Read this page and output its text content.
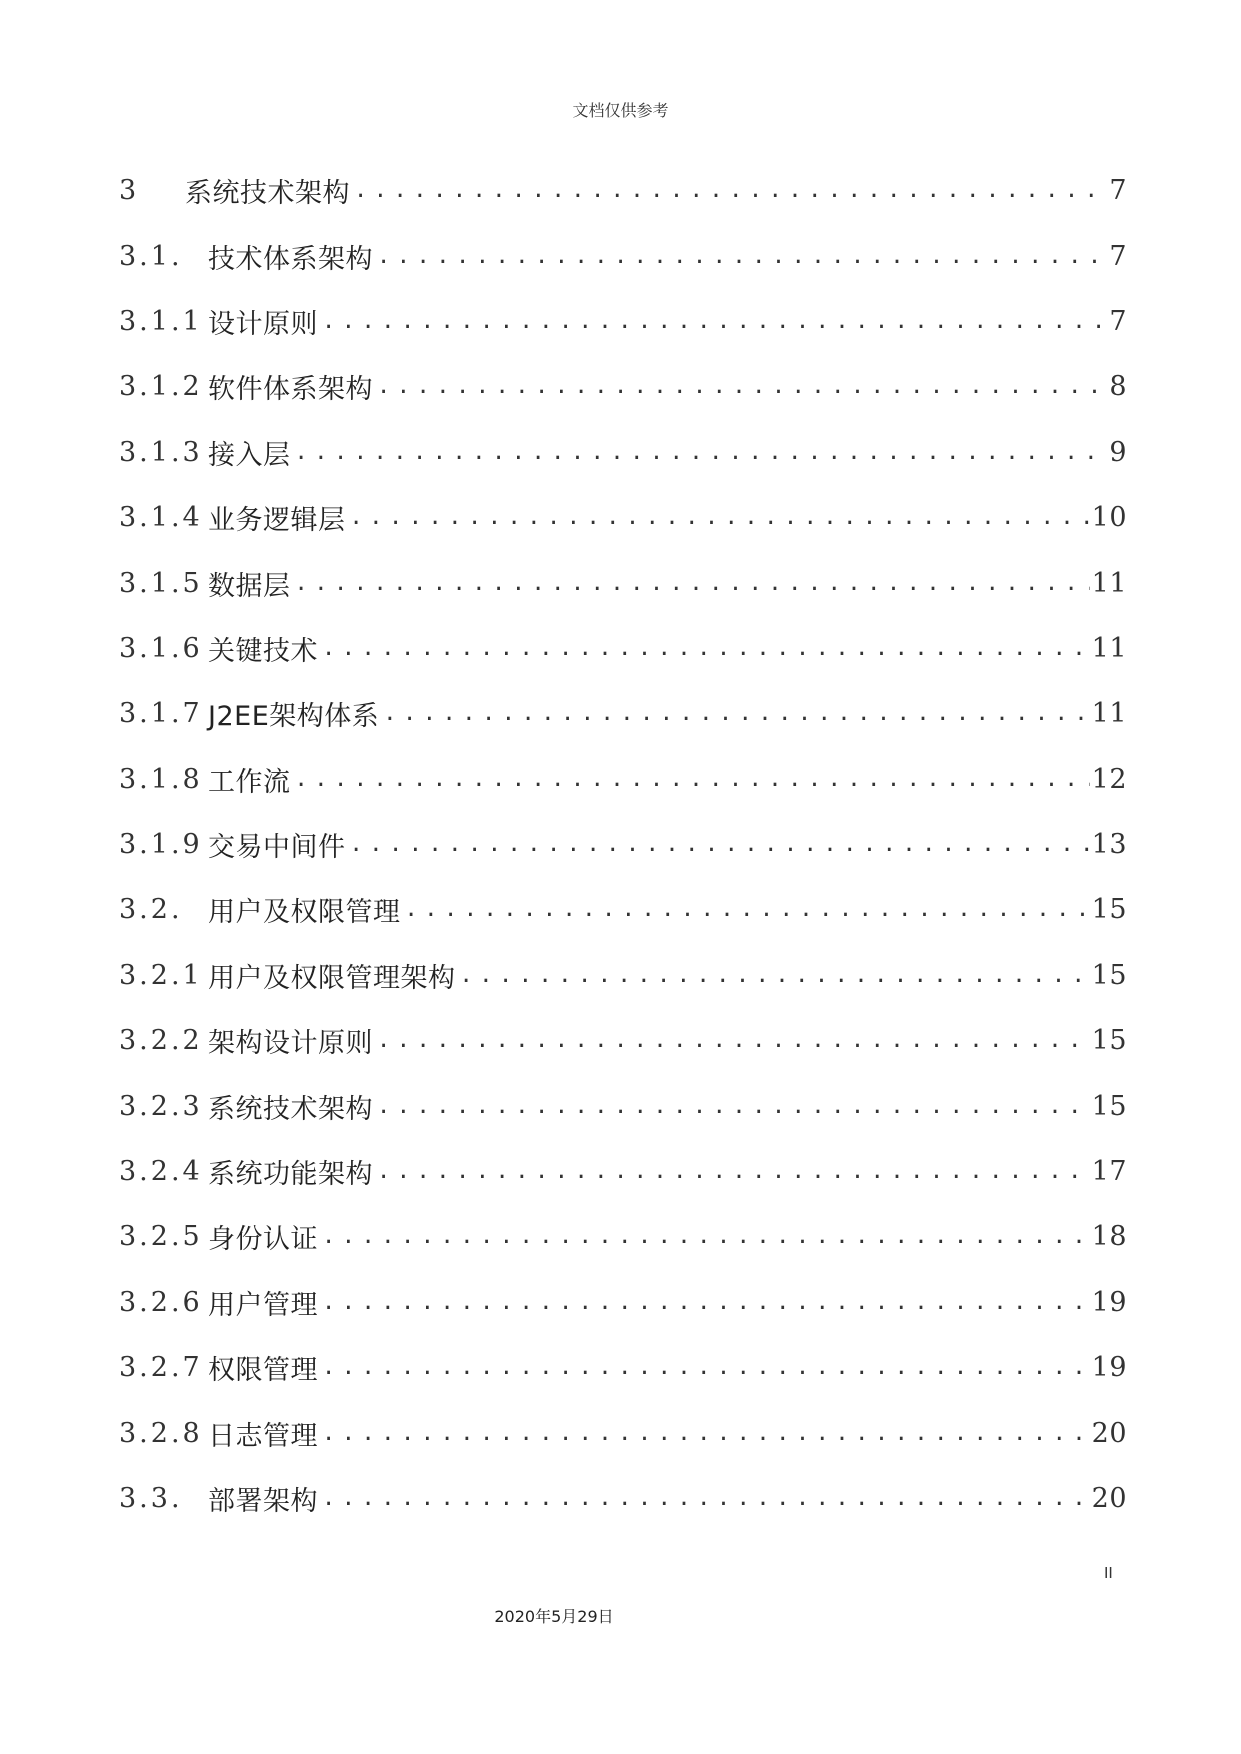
文档仅供参考
3	系统技术架构 .....	7
3.1. 技术体系架构 .....	7
3.1.1 设计原则 .....	7
3.1.2 软件体系架构 .....	8
3.1.3 接入层 .....	9
3.1.4 业务逻辑层 .....	10
3.1.5 数据层 .....	11
3.1.6 关键技术 .....	11
3.1.7 J2EE架构体系 .....	11
3.1.8 工作流 .....	12
3.1.9 交易中间件 .....	13
3.2. 用户及权限管理 .....	15
3.2.1 用户及权限管理架构 .....	15
3.2.2 架构设计原则 .....	15
3.2.3 系统技术架构 .....	15
3.2.4 系统功能架构 .....	17
3.2.5 身份认证 .....	18
3.2.6 用户管理 .....	19
3.2.7 权限管理 .....	19
3.2.8 日志管理 .....	20
3.3. 部署架构 .....	20
II
2020年5月29日
